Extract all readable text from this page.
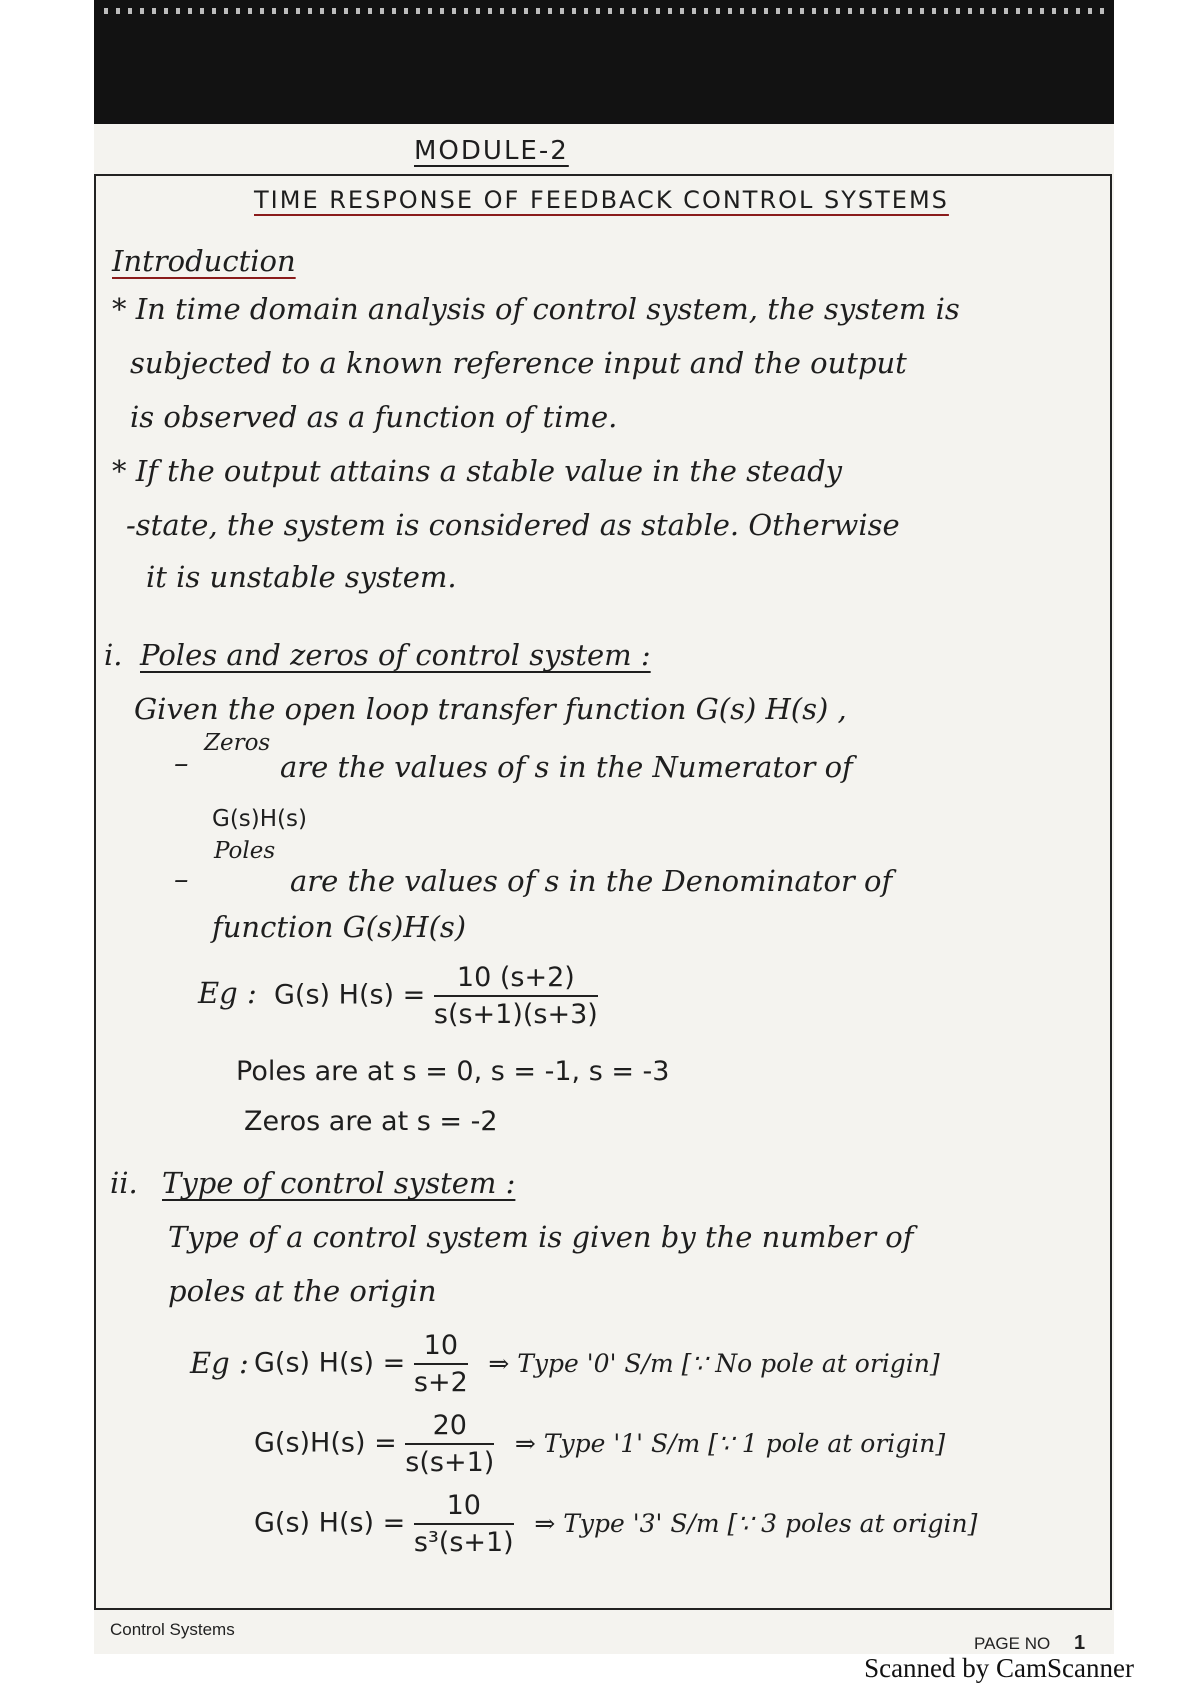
MODULE-2
TIME RESPONSE OF FEEDBACK CONTROL SYSTEMS
Introduction
* In time domain analysis of control system, the system is
subjected to a known reference input and the output
is observed as a function of time.
* If the output attains a stable value in the steady
-state, the system is considered as stable. Otherwise
it is unstable system.
i. Poles and zeros of control system :
Given the open loop transfer function G(s) H(s) ,
–
Zeros
are the values of s in the Numerator of
G(s)H(s)
–
Poles
are the values of s in the Denominator of
function G(s)H(s)
Eg : G(s) $H(s) = \frac{10 (s+2)}{s(s+1)(s+3)}$
Poles are at s = 0, s = -1, s = -3
Zeros are at s = -2
ii. Type of control system :
Type of a control system is given by the number of
poles at the origin
Eg : G(s) $H(s) = \frac{10}{s+2}$ ⇒ Type '0' S/m [∵ No pole at origin]
$G(s)H(s) = \frac{20}{s(s+1)}$ ⇒ Type '1' S/m [∵ 1 pole at origin]
G(s) $H(s) = \frac{10}{\text{s³(s+1)}}$ ⇒ Type '3' S/m [∵ 3 poles at origin]
Control Systems
PAGE NO 1
Scanned by CamScanner
